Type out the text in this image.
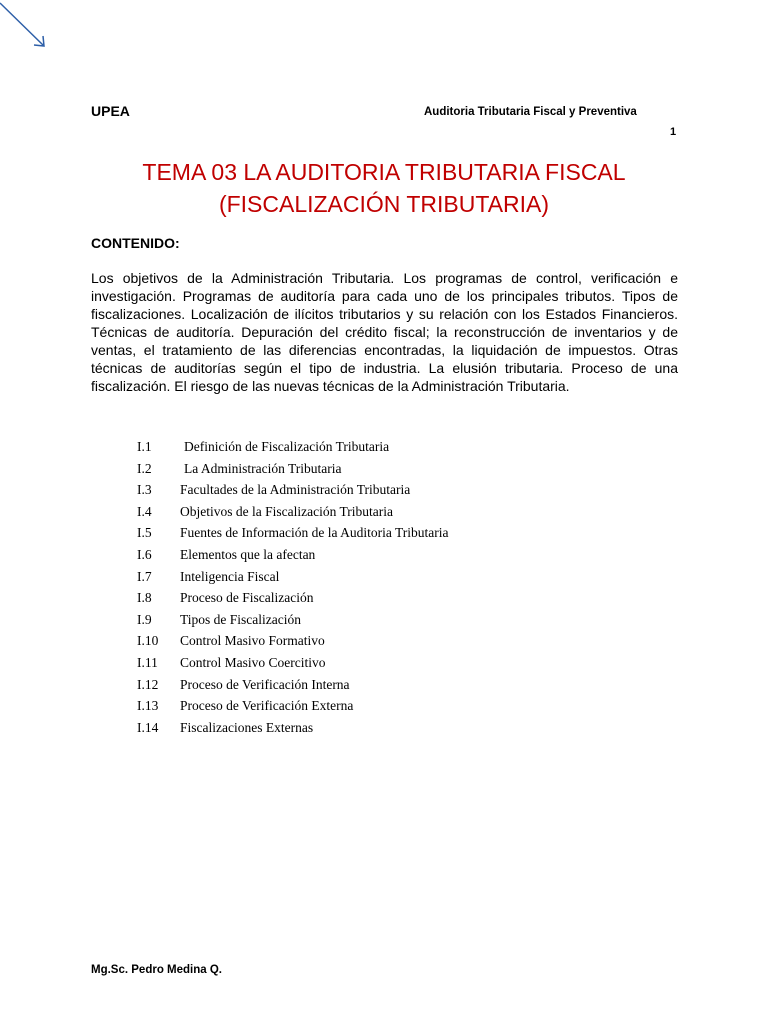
UPEA	Auditoria Tributaria Fiscal y Preventiva
1
TEMA 03 LA AUDITORIA TRIBUTARIA FISCAL
(FISCALIZACIÓN TRIBUTARIA)
CONTENIDO:
Los objetivos de la Administración Tributaria. Los programas de control, verificación e investigación. Programas de auditoría para cada uno de los principales tributos. Tipos de fiscalizaciones. Localización de ilícitos tributarios y su relación con los Estados Financieros. Técnicas de auditoría. Depuración del crédito fiscal; la reconstrucción de inventarios y de ventas, el tratamiento de las diferencias encontradas, la liquidación de impuestos. Otras técnicas de auditorías según el tipo de industria. La elusión tributaria. Proceso de una fiscalización. El riesgo de las nuevas técnicas de la Administración Tributaria.
I.1 Definición de Fiscalización Tributaria
I.2 La Administración Tributaria
I.3 Facultades de la Administración Tributaria
I.4 Objetivos de la Fiscalización Tributaria
I.5 Fuentes de Información de la Auditoria Tributaria
I.6 Elementos que la afectan
I.7 Inteligencia Fiscal
I.8 Proceso de Fiscalización
I.9 Tipos de Fiscalización
I.10 Control Masivo Formativo
I.11 Control Masivo Coercitivo
I.12 Proceso de Verificación Interna
I.13 Proceso de Verificación Externa
I.14 Fiscalizaciones Externas
Mg.Sc. Pedro Medina Q.
